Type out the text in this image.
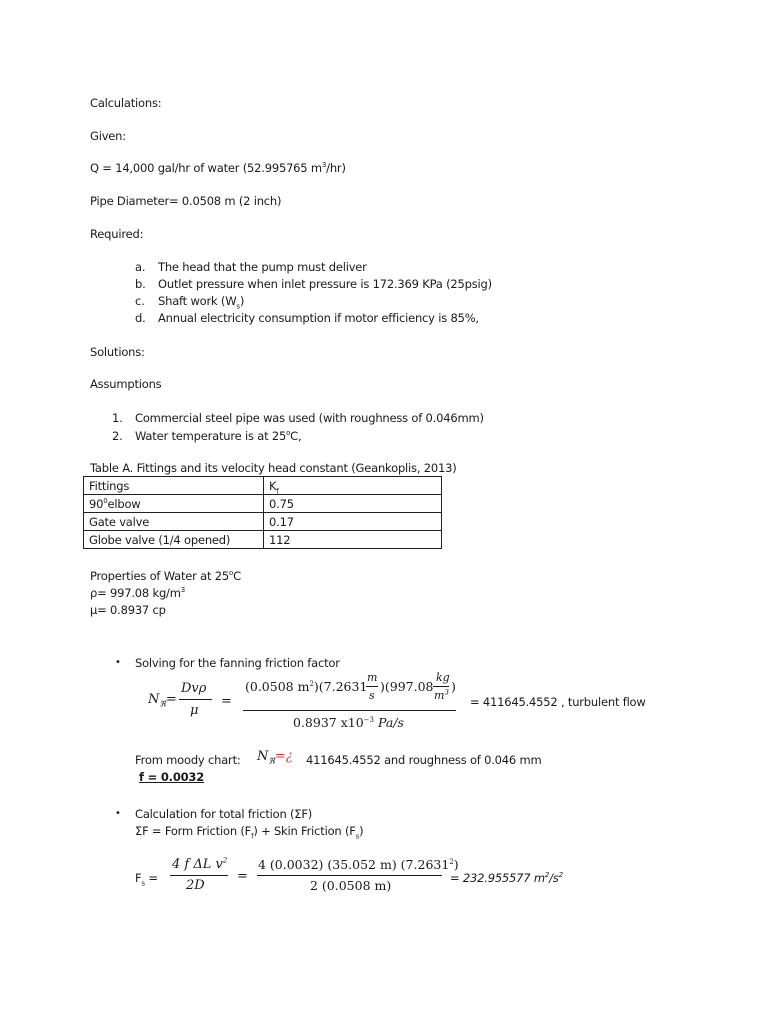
Calculations:
Given:
Q = 14,000 gal/hr of water (52.995765 $m^3/hr$)
Pipe Diameter= 0.0508 m (2 inch)
Required:
a. The head that the pump must deliver
b. Outlet pressure when inlet pressure is 172.369 KPa (25psig)
c. Shaft work $(W_s)$
d. Annual electricity consumption if motor efficiency is 85%,
Solutions:
Assumptions
1. Commercial steel pipe was used (with roughness of 0.046mm)
2. Water temperature is at 25$^o$C,
Table A. Fittings and its velocity head constant (Geankoplis, 2013)
Fittings	$K_f$
$90^0elbow$	0.75
Gate valve	0.17
Globe valve (1/4 opened)	112
Properties of Water at 25$^o$C
ρ= 997.08 $kg/m^3$
μ= 0.8937 cp
• Solving for the fanning friction factor
$N_ℜ=$
Dvρ
μ
=
(0.0508 $m^2)(7.2631$
m
s
)(997.08
kg
$m^3$ )
0.8937 $x10^{-3}$ Pa/s
= 411645.4552 , turbulent flow
From moody chart: $N_ℜ=¿$ 411645.4552 and roughness of 0.046 mm
f = 0.0032
• Calculation for total friction (ΣF)
ΣF = Form Friction $(F_f)$ + Skin Friction $(F_s)$
$F_s$ =
4 f ΔL $v^2$
2D
=
4 (0.0032) (35.052 m) (7.2631$^2$)
2 (0.0508 m)	= 232.955577 $m^2/s^2$
